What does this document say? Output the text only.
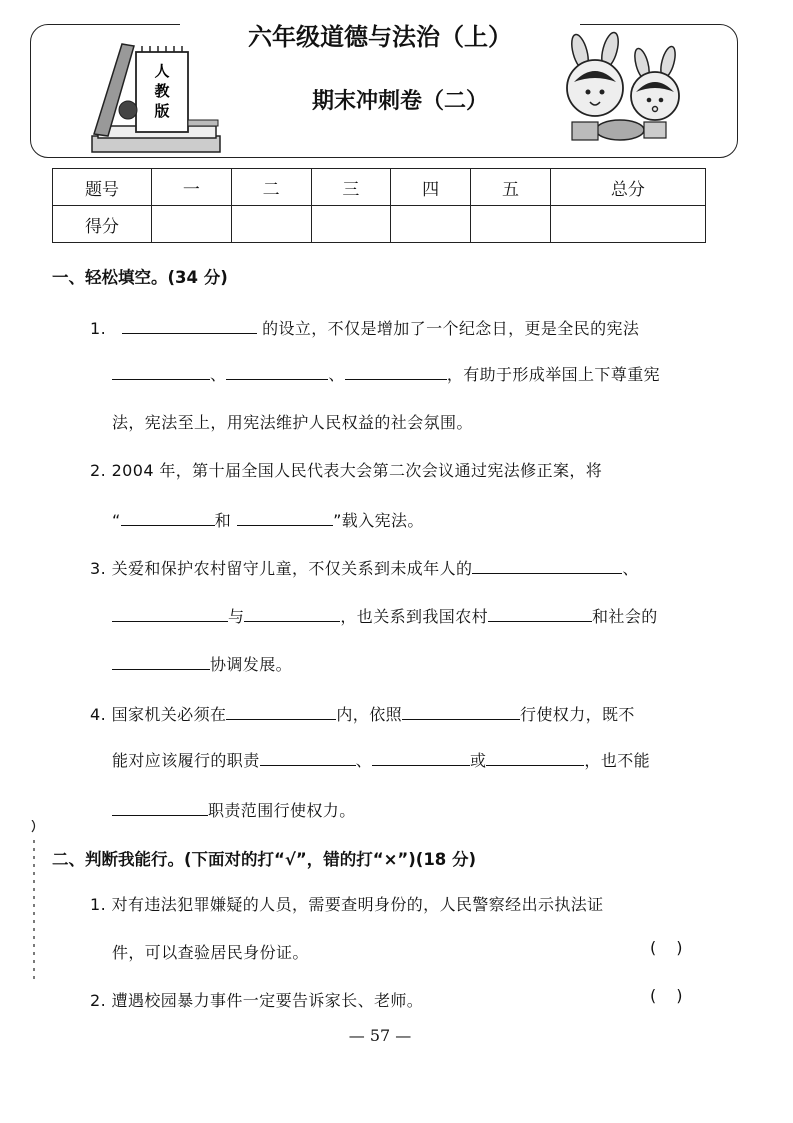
六年级道德与法治（上）
期末冲刺卷（二）
人
教
版
题号	一	二	三	四	五	总分
得分						
一、轻松填空。(34 分)
1.	的设立，不仅是增加了一个纪念日，更是全民的宪法
、	、	，有助于形成举国上下尊重宪
法，宪法至上，用宪法维护人民权益的社会氛围。
2. 2004 年，第十届全国人民代表大会第二次会议通过宪法修正案，将
“	和	”载入宪法。
3. 关爱和保护农村留守儿童，不仅关系到未成年人的	、
与	，也关系到我国农村	和社会的
协调发展。
4. 国家机关必须在	内，依照	行使权力，既不
能对应该履行的职责	、	或	，也不能
职责范围行使权力。
二、判断我能行。(下面对的打“√”，错的打“×”)(18 分)
1. 对有违法犯罪嫌疑的人员，需要查明身份的，人民警察经出示执法证
件，可以查验居民身份证。	()
2. 遭遇校园暴力事件一定要告诉家长、老师。	()
— 57 —
